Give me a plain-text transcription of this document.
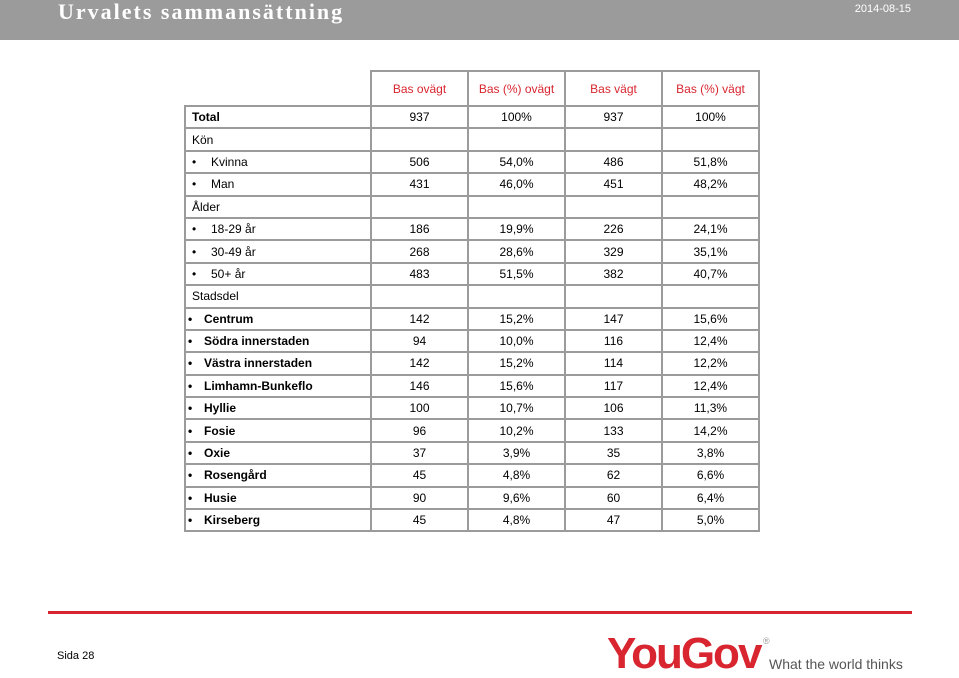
Urvalets sammansättning	2014-08-15
	Bas ovägt	Bas (%) ovägt	Bas vägt	Bas (%) vägt
Total	937	100%	937	100%
Kön				
• Kvinna	506	54,0%	486	51,8%
• Man	431	46,0%	451	48,2%
Ålder				
• 18-29 år	186	19,9%	226	24,1%
• 30-49 år	268	28,6%	329	35,1%
• 50+ år	483	51,5%	382	40,7%
Stadsdel				
• Centrum	142	15,2%	147	15,6%
• Södra innerstaden	94	10,0%	116	12,4%
• Västra innerstaden	142	15,2%	114	12,2%
• Limhamn-Bunkeflo	146	15,6%	117	12,4%
• Hyllie	100	10,7%	106	11,3%
• Fosie	96	10,2%	133	14,2%
• Oxie	37	3,9%	35	3,8%
• Rosengård	45	4,8%	62	6,6%
• Husie	90	9,6%	60	6,4%
• Kirseberg	45	4,8%	47	5,0%
Sida 28	YouGov ®
What the world thinks
